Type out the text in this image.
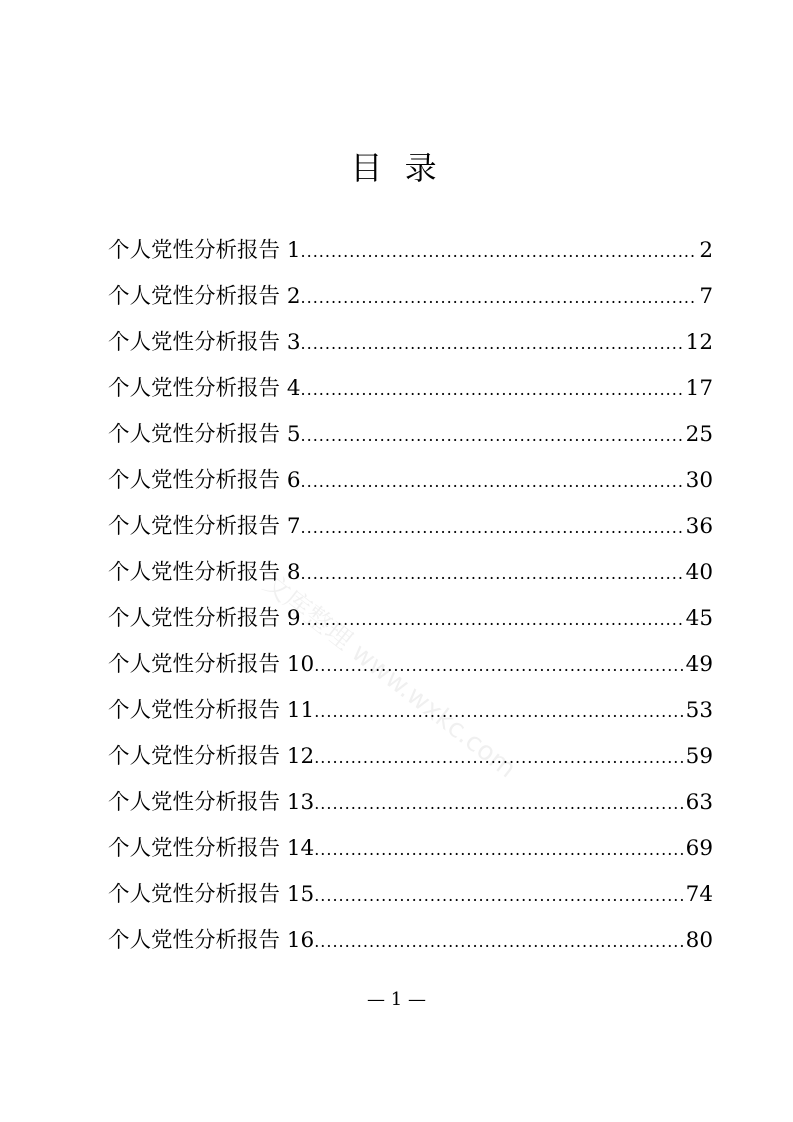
文库整理 www.wxkc.com
目 录
个人党性分析报告 1 .....	2
个人党性分析报告 2 .....	7
个人党性分析报告 3 .....	12
个人党性分析报告 4 .....	17
个人党性分析报告 5 .....	25
个人党性分析报告 6 .....	30
个人党性分析报告 7 .....	36
个人党性分析报告 8 .....	40
个人党性分析报告 9 .....	45
个人党性分析报告 10 .....	49
个人党性分析报告 11 .....	53
个人党性分析报告 12 .....	59
个人党性分析报告 13 .....	63
个人党性分析报告 14 .....	69
个人党性分析报告 15 .....	74
个人党性分析报告 16 .....	80
— 1 —
